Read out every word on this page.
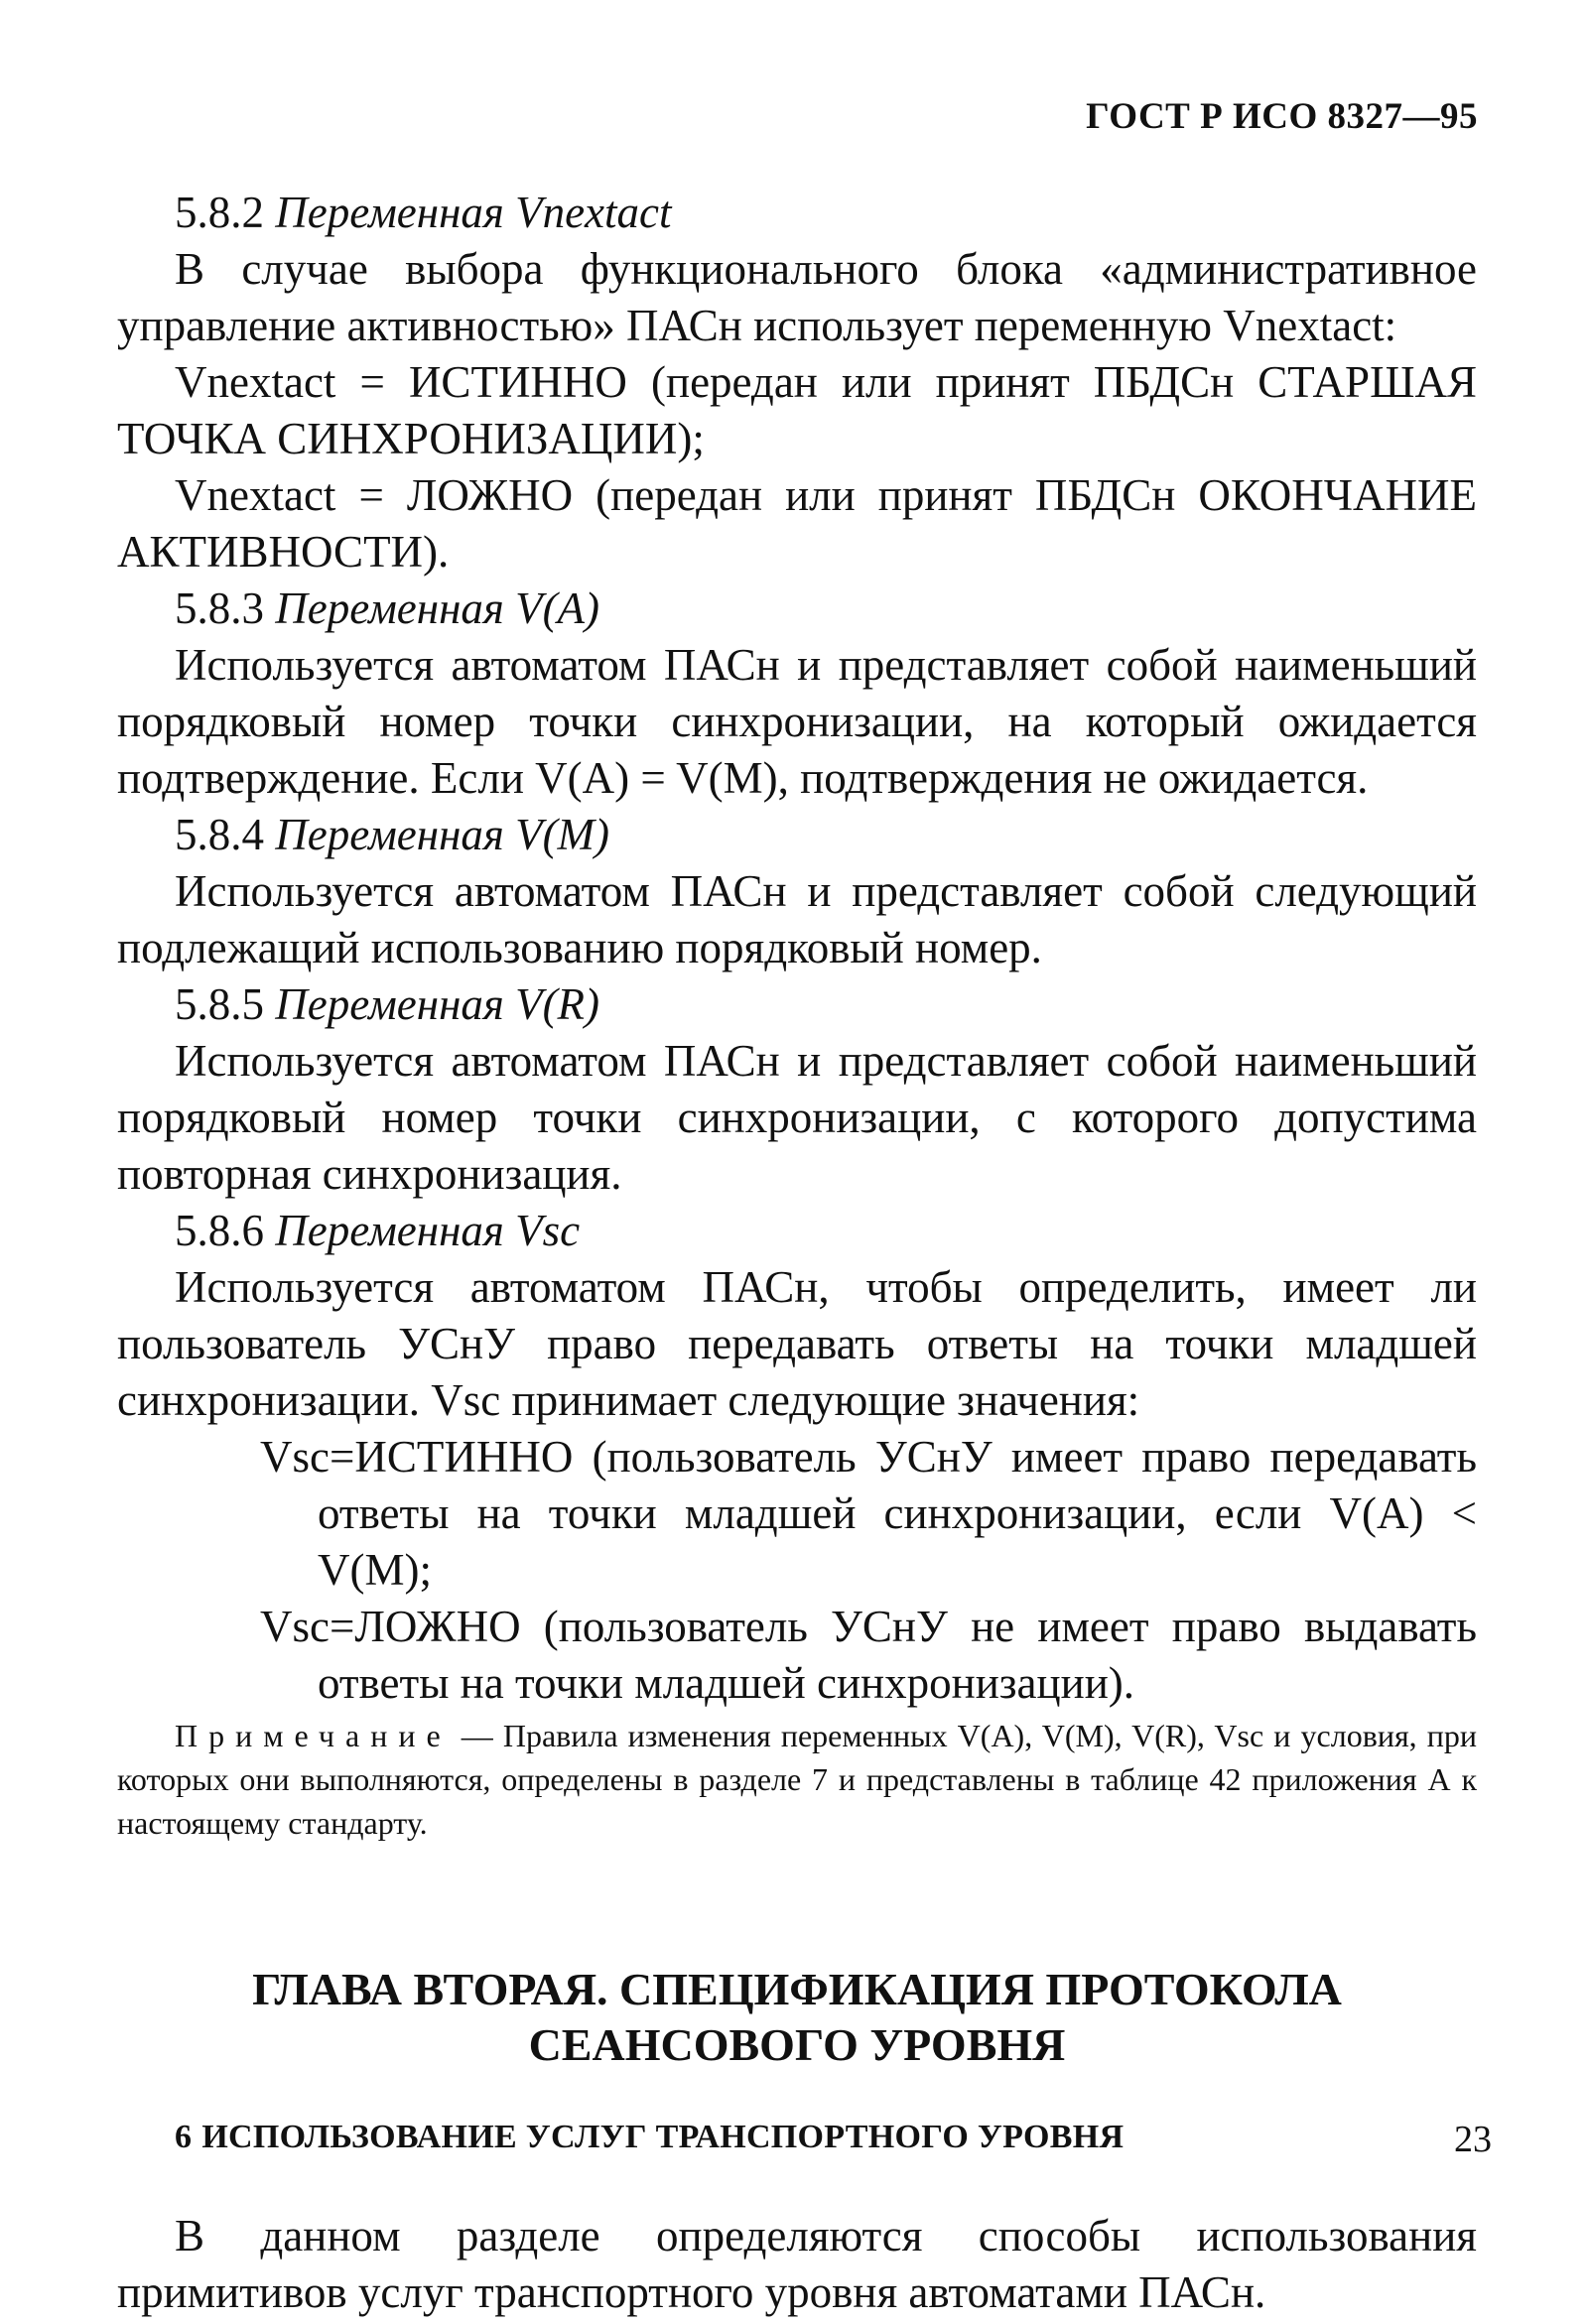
ГОСТ Р ИСО 8327—95
5.8.2 Переменная Vnextact

В случае выбора функционального блока «административное управление активностью» ПАСн использует переменную Vnextact:

Vnextact = ИСТИННО (передан или принят ПБДСн СТАРШАЯ ТОЧКА СИНХРОНИЗАЦИИ);

Vnextact = ЛОЖНО (передан или принят ПБДСн ОКОНЧАНИЕ АКТИВНОСТИ).

5.8.3 Переменная V(A)

Используется автоматом ПАСн и представляет собой наименьший порядковый номер точки синхронизации, на который ожидается подтверждение. Если V(A) = V(M), подтверждения не ожидается.

5.8.4 Переменная V(M)

Используется автоматом ПАСн и представляет собой следующий подлежащий использованию порядковый номер.

5.8.5 Переменная V(R)

Используется автоматом ПАСн и представляет собой наименьший порядковый номер точки синхронизации, с которого допустима повторная синхронизация.

5.8.6 Переменная Vsc

Используется автоматом ПАСн, чтобы определить, имеет ли пользователь УСнУ право передавать ответы на точки младшей синхронизации. Vsc принимает следующие значения:

Vsc=ИСТИННО (пользователь УСнУ имеет право передавать ответы на точки младшей синхронизации, если V(A) < V(M);

Vsc=ЛОЖНО (пользователь УСнУ не имеет право выдавать ответы на точки младшей синхронизации).

Примечание — Правила изменения переменных V(A), V(M), V(R), Vsc и условия, при которых они выполняются, определены в разделе 7 и представлены в таблице 42 приложения А к настоящему стандарту.

ГЛАВА ВТОРАЯ. СПЕЦИФИКАЦИЯ ПРОТОКОЛА
СЕАНСОВОГО УРОВНЯ
6 ИСПОЛЬЗОВАНИЕ УСЛУГ ТРАНСПОРТНОГО УРОВНЯ

В данном разделе определяются способы использования примитивов услуг транспортного уровня автоматами ПАСн.

23
